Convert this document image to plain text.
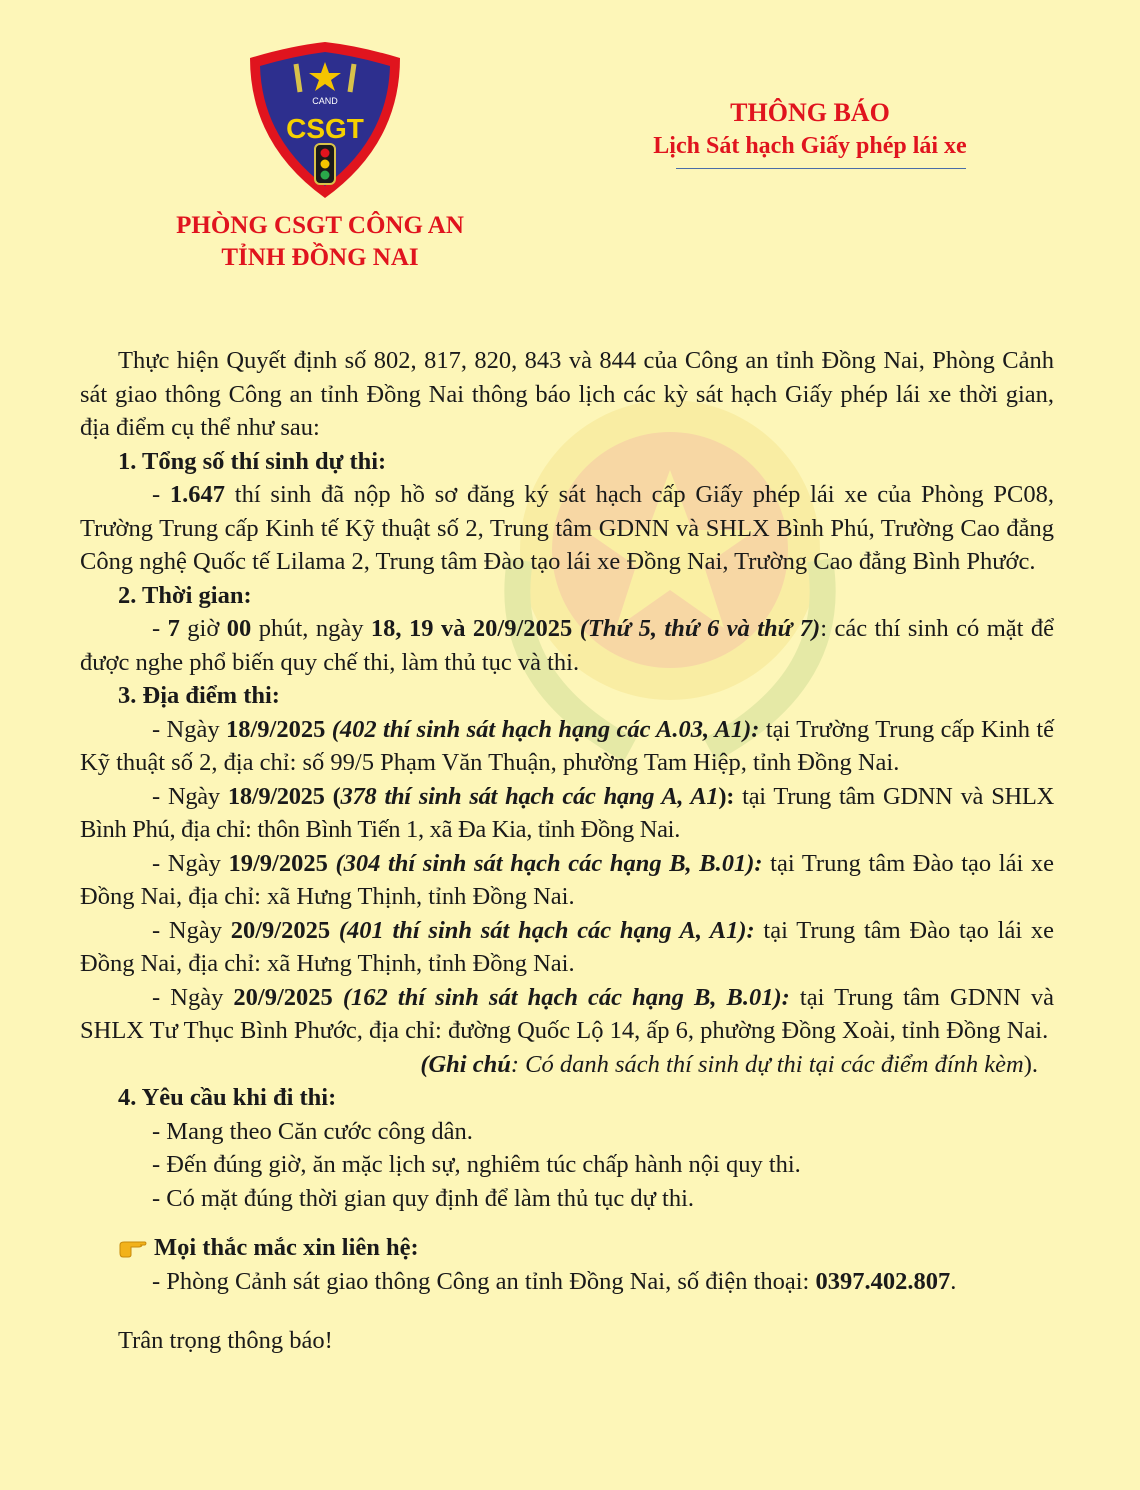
CAND
CSGT
PHÒNG CSGT CÔNG AN
TỈNH ĐỒNG NAI
THÔNG BÁO
Lịch Sát hạch Giấy phép lái xe

Thực hiện Quyết định số 802, 817, 820, 843 và 844 của Công an tỉnh Đồng Nai, Phòng Cảnh sát giao thông Công an tỉnh Đồng Nai thông báo lịch các kỳ sát hạch Giấy phép lái xe thời gian, địa điểm cụ thể như sau:

1. Tổng số thí sinh dự thi:

- 1.647 thí sinh đã nộp hồ sơ đăng ký sát hạch cấp Giấy phép lái xe của Phòng PC08, Trường Trung cấp Kinh tế Kỹ thuật số 2, Trung tâm GDNN và SHLX Bình Phú, Trường Cao đẳng Công nghệ Quốc tế Lilama 2, Trung tâm Đào tạo lái xe Đồng Nai, Trường Cao đẳng Bình Phước.

2. Thời gian:

- 7 giờ 00 phút, ngày 18, 19 và 20/9/2025 (Thứ 5, thứ 6 và thứ 7): các thí sinh có mặt để được nghe phổ biến quy chế thi, làm thủ tục và thi.

3. Địa điểm thi:

- Ngày 18/9/2025 (402 thí sinh sát hạch hạng các A.03, A1): tại Trường Trung cấp Kinh tế Kỹ thuật số 2, địa chỉ: số 99/5 Phạm Văn Thuận, phường Tam Hiệp, tỉnh Đồng Nai.

- Ngày 18/9/2025 (378 thí sinh sát hạch các hạng A, A1): tại Trung tâm GDNN và SHLX Bình Phú, địa chỉ: thôn Bình Tiến 1, xã Đa Kia, tỉnh Đồng Nai.

- Ngày 19/9/2025 (304 thí sinh sát hạch các hạng B, B.01): tại Trung tâm Đào tạo lái xe Đồng Nai, địa chỉ: xã Hưng Thịnh, tỉnh Đồng Nai.

- Ngày 20/9/2025 (401 thí sinh sát hạch các hạng A, A1): tại Trung tâm Đào tạo lái xe Đồng Nai, địa chỉ: xã Hưng Thịnh, tỉnh Đồng Nai.

- Ngày 20/9/2025 (162 thí sinh sát hạch các hạng B, B.01): tại Trung tâm GDNN và SHLX Tư Thục Bình Phước, địa chỉ: đường Quốc Lộ 14, ấp 6, phường Đồng Xoài, tỉnh Đồng Nai.

(Ghi chú: Có danh sách thí sinh dự thi tại các điểm đính kèm).

4. Yêu cầu khi đi thi:

- Mang theo Căn cước công dân.

- Đến đúng giờ, ăn mặc lịch sự, nghiêm túc chấp hành nội quy thi.

- Có mặt đúng thời gian quy định để làm thủ tục dự thi.

Mọi thắc mắc xin liên hệ:

- Phòng Cảnh sát giao thông Công an tỉnh Đồng Nai, số điện thoại: 0397.402.807.

Trân trọng thông báo!
